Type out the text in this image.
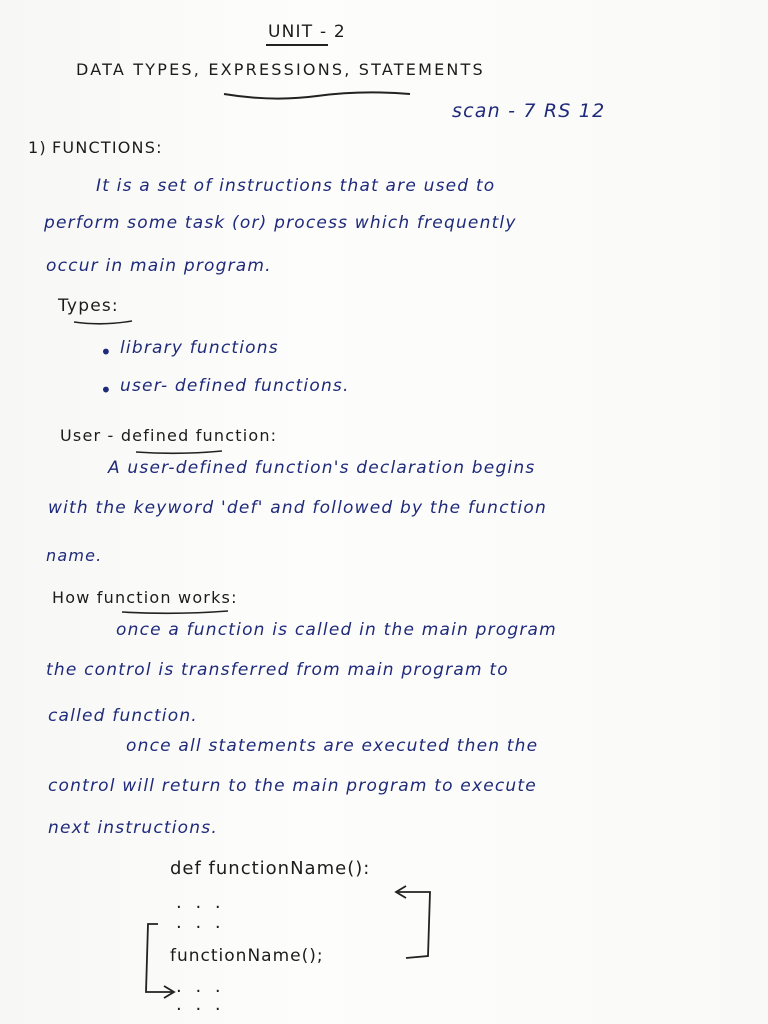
UNIT - 2
DATA TYPES, EXPRESSIONS, STATEMENTS
scan - 7 RS 12
1) FUNCTIONS:
It is a set of instructions that are used to
perform some task (or) process which frequently
occur in main program.
Types:
• library functions
• user- defined functions.
User - defined function:
A user-defined function's declaration begins
with the keyword 'def' and followed by the function
name.
How function works:
once a function is called in the main program
the control is transferred from main program to
called function.
once all statements are executed then the
control will return to the main program to execute
next instructions.
def functionName():
. . .
. . .
functionName();
. . .
. . .
